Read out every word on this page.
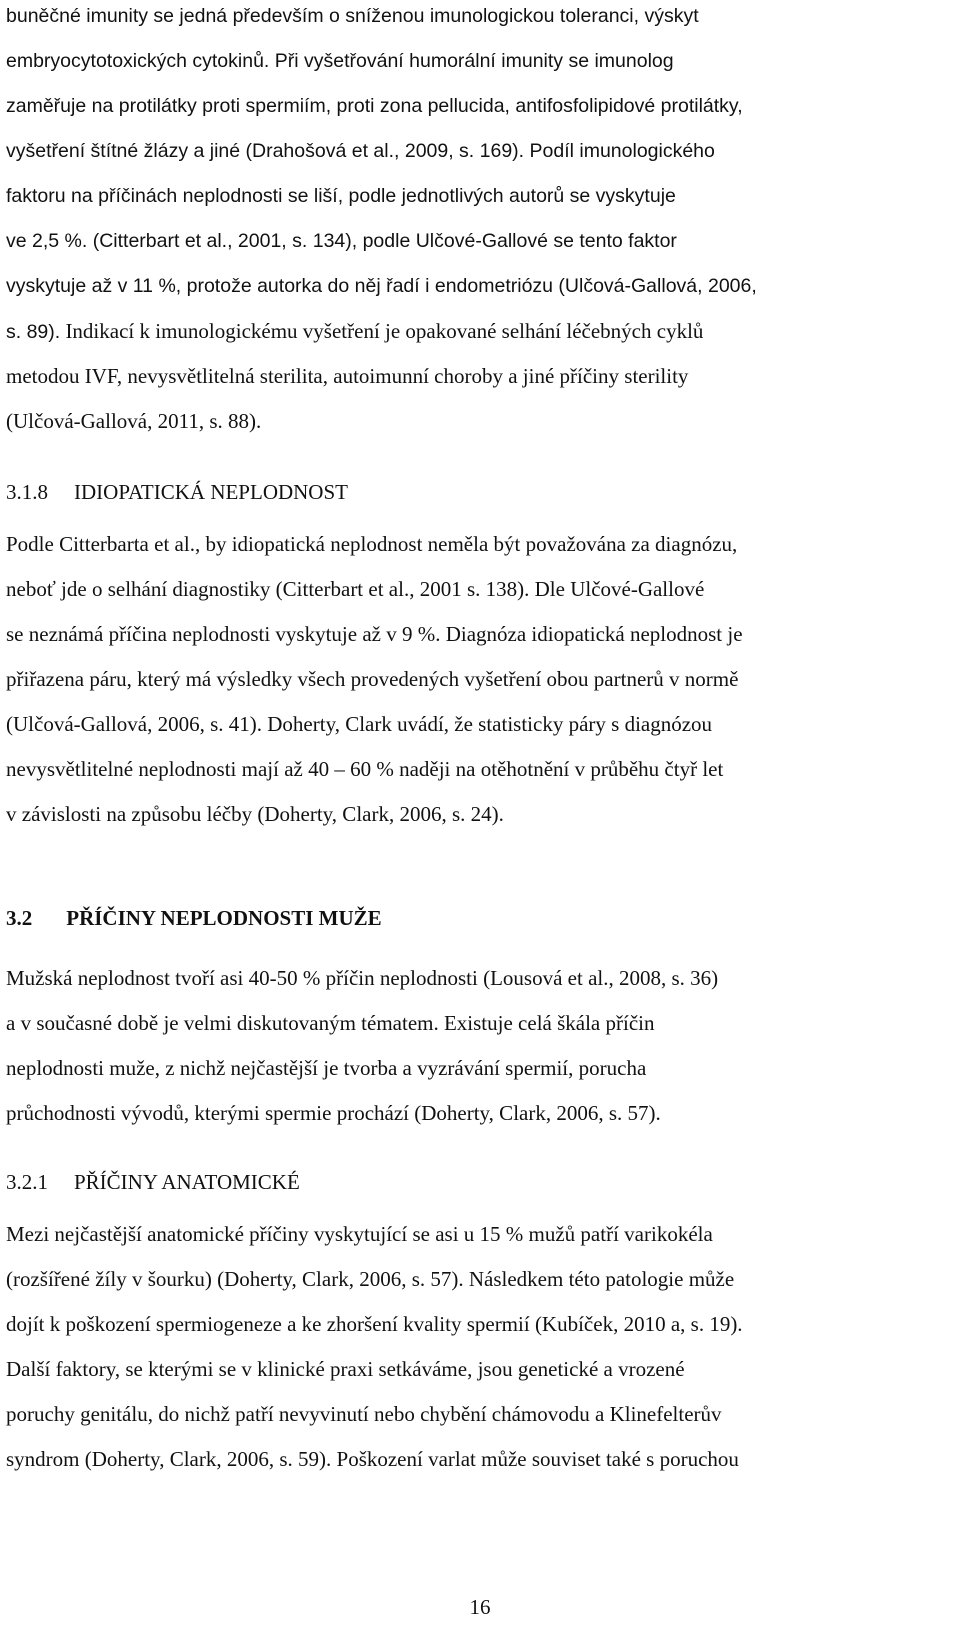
buněčné imunity se jedná především o sníženou imunologickou toleranci, výskyt
embryocytotoxických cytokinů. Při vyšetřování humorální imunity se imunolog
zaměřuje na protilátky proti spermiím, proti zona pellucida, antifosfolipidové protilátky,
vyšetření štítné žlázy a jiné (Drahošová et al., 2009, s. 169). Podíl imunologického
faktoru na příčinách neplodnosti se liší, podle jednotlivých autorů se vyskytuje
ve 2,5 %. (Citterbart et al., 2001, s. 134), podle Ulčové-Gallové se tento faktor
vyskytuje až v 11 %, protože autorka do něj řadí i endometriózu (Ulčová-Gallová, 2006,
s. 89). Indikací k imunologickému vyšetření je opakované selhání léčebných cyklů
metodou IVF, nevysvětlitelná sterilita, autoimunní choroby a jiné příčiny sterility
(Ulčová-Gallová, 2011, s. 88).
3.1.8 IDIOPATICKÁ NEPLODNOST
Podle Citterbarta et al., by idiopatická neplodnost neměla být považována za diagnózu,
neboť jde o selhání diagnostiky (Citterbart et al., 2001 s. 138). Dle Ulčové-Gallové
se neznámá příčina neplodnosti vyskytuje až v 9 %. Diagnóza idiopatická neplodnost je
přiřazena páru, který má výsledky všech provedených vyšetření obou partnerů v normě
(Ulčová-Gallová, 2006, s. 41). Doherty, Clark uvádí, že statisticky páry s diagnózou
nevysvětlitelné neplodnosti mají až 40 – 60 % naději na otěhotnění v průběhu čtyř let
v závislosti na způsobu léčby (Doherty, Clark, 2006, s. 24).
3.2 PŘÍČINY NEPLODNOSTI MUŽE
Mužská neplodnost tvoří asi 40-50 % příčin neplodnosti (Lousová et al., 2008, s. 36)
a v současné době je velmi diskutovaným tématem. Existuje celá škála příčin
neplodnosti muže, z nichž nejčastější je tvorba a vyzrávání spermií, porucha
průchodnosti vývodů, kterými spermie prochází (Doherty, Clark, 2006, s. 57).
3.2.1 PŘÍČINY ANATOMICKÉ
Mezi nejčastější anatomické příčiny vyskytující se asi u 15 % mužů patří varikokéla
(rozšířené žíly v šourku) (Doherty, Clark, 2006, s. 57). Následkem této patologie může
dojít k poškození spermiogeneze a ke zhoršení kvality spermií (Kubíček, 2010 a, s. 19).
Další faktory, se kterými se v klinické praxi setkáváme, jsou genetické a vrozené
poruchy genitálu, do nichž patří nevyvinutí nebo chybění chámovodu a Klinefelterův
syndrom (Doherty, Clark, 2006, s. 59). Poškození varlat může souviset také s poruchou
16
